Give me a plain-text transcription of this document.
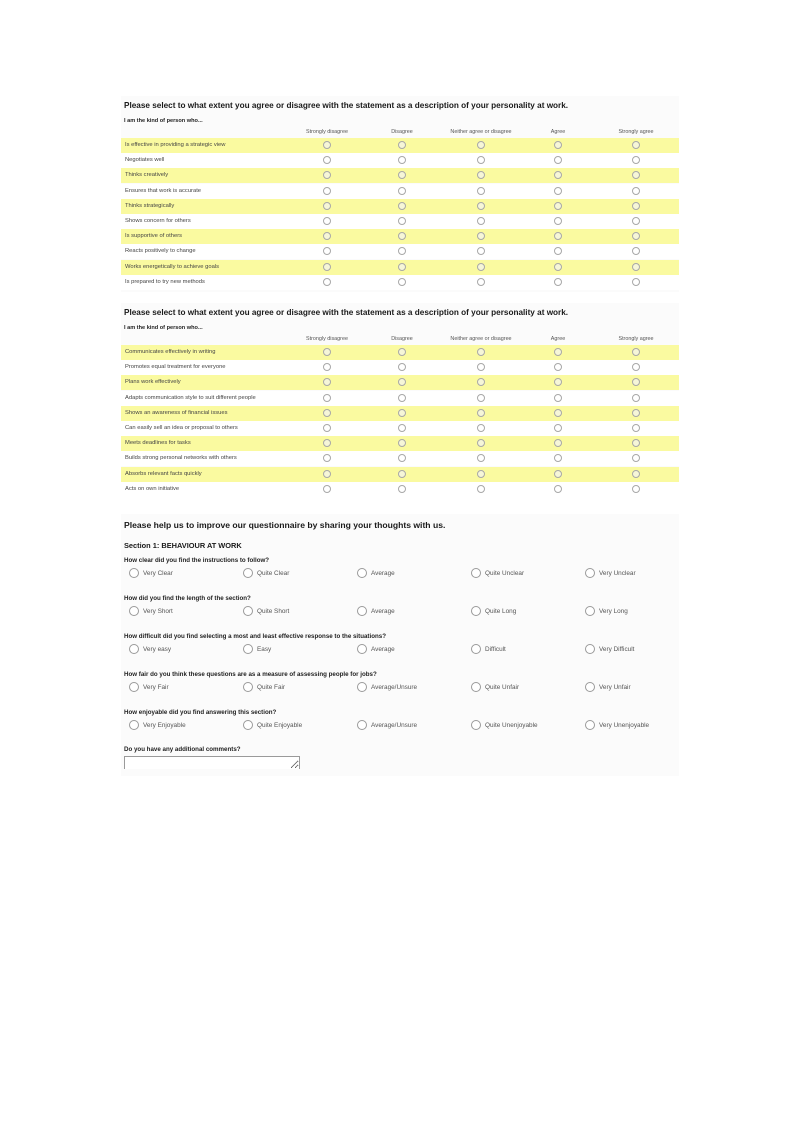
Please select to what extent you agree or disagree with the statement as a description of your personality at work.
I am the kind of person who...
Strongly disagree	Disagree	Neither agree or disagree	Agree	Strongly agree
Is effective in providing a strategic view
Negotiates well
Thinks creatively
Ensures that work is accurate
Thinks strategically
Shows concern for others
Is supportive of others
Reacts positively to change
Works energetically to achieve goals
Is prepared to try new methods
Please select to what extent you agree or disagree with the statement as a description of your personality at work.
I am the kind of person who...
Strongly disagree	Disagree	Neither agree or disagree	Agree	Strongly agree
Communicates effectively in writing
Promotes equal treatment for everyone
Plans work effectively
Adapts communication style to suit different people
Shows an awareness of financial issues
Can easily sell an idea or proposal to others
Meets deadlines for tasks
Builds strong personal networks with others
Absorbs relevant facts quickly
Acts on own initiative
Please help us to improve our questionnaire by sharing your thoughts with us.
Section 1: BEHAVIOUR AT WORK
How clear did you find the instructions to follow?
Very Clear	Quite Clear	Average	Quite Unclear	Very Unclear
How did you find the length of the section?
Very Short	Quite Short	Average	Quite Long	Very Long
How difficult did you find selecting a most and least effective response to the situations?
Very easy	Easy	Average	Difficult	Very Difficult
How fair do you think these questions are as a measure of assessing people for jobs?
Very Fair	Quite Fair	Average/Unsure	Quite Unfair	Very Unfair
How enjoyable did you find answering this section?
Very Enjoyable	Quite Enjoyable	Average/Unsure	Quite Unenjoyable	Very Unenjoyable
Do you have any additional comments?
